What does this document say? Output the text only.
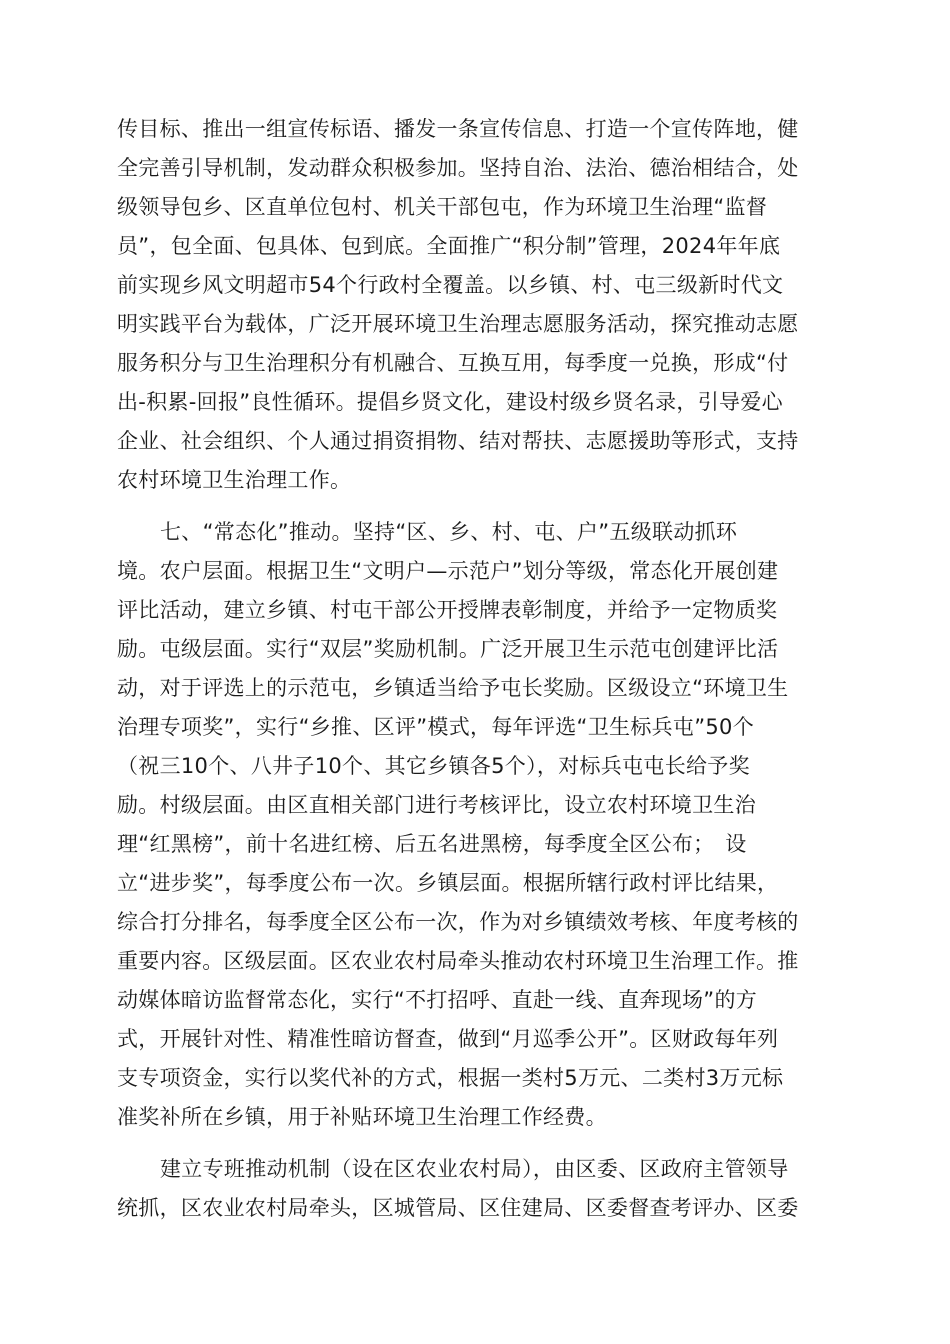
传目标、推出一组宣传标语、播发一条宣传信息、打造一个宣传阵地，健
全完善引导机制，发动群众积极参加。坚持自治、法治、德治相结合，处
级领导包乡、区直单位包村、机关干部包屯，作为环境卫生治理“监督
员”，包全面、包具体、包到底。全面推广“积分制”管理，2024年年底
前实现乡风文明超市54个行政村全覆盖。以乡镇、村、屯三级新时代文
明实践平台为载体，广泛开展环境卫生治理志愿服务活动，探究推动志愿
服务积分与卫生治理积分有机融合、互换互用，每季度一兑换，形成“付
出-积累-回报”良性循环。提倡乡贤文化，建设村级乡贤名录，引导爱心
企业、社会组织、个人通过捐资捐物、结对帮扶、志愿援助等形式，支持
农村环境卫生治理工作。
七、“常态化”推动。坚持“区、乡、村、屯、户”五级联动抓环
境。农户层面。根据卫生“文明户—示范户”划分等级，常态化开展创建
评比活动，建立乡镇、村屯干部公开授牌表彰制度，并给予一定物质奖
励。屯级层面。实行“双层”奖励机制。广泛开展卫生示范屯创建评比活
动，对于评选上的示范屯，乡镇适当给予屯长奖励。区级设立“环境卫生
治理专项奖”，实行“乡推、区评”模式，每年评选“卫生标兵屯”50个
（祝三10个、八井子10个、其它乡镇各5个），对标兵屯屯长给予奖
励。村级层面。由区直相关部门进行考核评比，设立农村环境卫生治
理“红黑榜”，前十名进红榜、后五名进黑榜，每季度全区公布；　设
立“进步奖”，每季度公布一次。乡镇层面。根据所辖行政村评比结果，
综合打分排名，每季度全区公布一次，作为对乡镇绩效考核、年度考核的
重要内容。区级层面。区农业农村局牵头推动农村环境卫生治理工作。推
动媒体暗访监督常态化，实行“不打招呼、直赴一线、直奔现场”的方
式，开展针对性、精准性暗访督查，做到“月巡季公开”。区财政每年列
支专项资金，实行以奖代补的方式，根据一类村5万元、二类村3万元标
准奖补所在乡镇，用于补贴环境卫生治理工作经费。
建立专班推动机制（设在区农业农村局），由区委、区政府主管领导
统抓，区农业农村局牵头，区城管局、区住建局、区委督查考评办、区委
